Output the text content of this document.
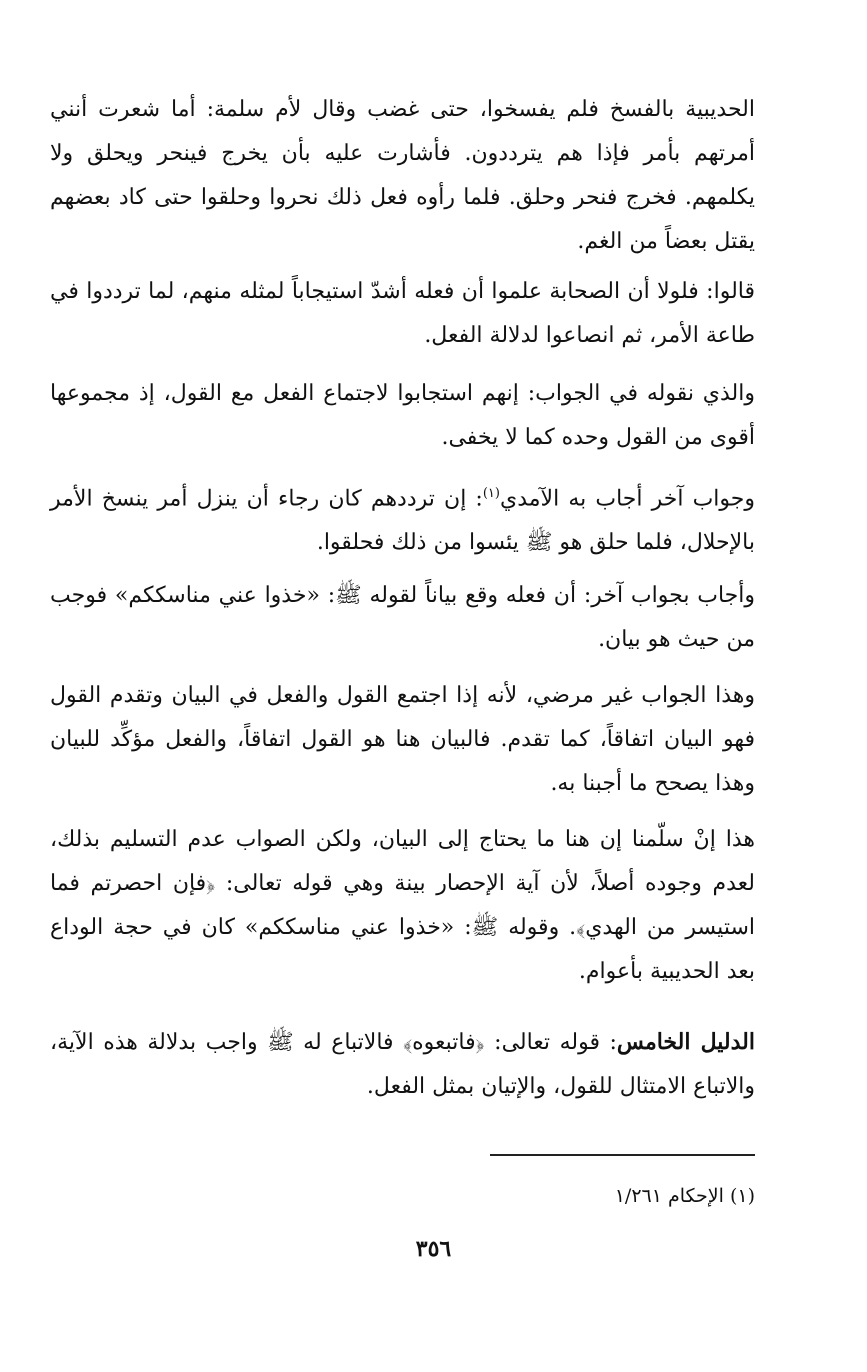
الحديبية بالفسخ فلم يفسخوا، حتى غضب وقال لأم سلمة: أما شعرت أنني أمرتهم بأمر فإذا هم يترددون. فأشارت عليه بأن يخرج فينحر ويحلق ولا يكلمهم. فخرج فنحر وحلق. فلما رأوه فعل ذلك نحروا وحلقوا حتى كاد بعضهم يقتل بعضاً من الغم.

قالوا: فلولا أن الصحابة علموا أن فعله أشدّ استيجاباً لمثله منهم، لما ترددوا في طاعة الأمر، ثم انصاعوا لدلالة الفعل.

والذي نقوله في الجواب: إنهم استجابوا لاجتماع الفعل مع القول، إذ مجموعها أقوى من القول وحده كما لا يخفى.

وجواب آخر أجاب به الآمدي$^{(١)}$: إن ترددهم كان رجاء أن ينزل أمر ينسخ الأمر بالإحلال، فلما حلق هو ﷺ يئسوا من ذلك فحلقوا.

وأجاب بجواب آخر: أن فعله وقع بياناً لقوله ﷺ: «خذوا عني مناسككم» فوجب من حيث هو بيان.

وهذا الجواب غير مرضي، لأنه إذا اجتمع القول والفعل في البيان وتقدم القول فهو البيان اتفاقاً، كما تقدم. فالبيان هنا هو القول اتفاقاً، والفعل مؤكِّد للبيان وهذا يصحح ما أجبنا به.

هذا إنْ سلّمنا إن هنا ما يحتاج إلى البيان، ولكن الصواب عدم التسليم بذلك، لعدم وجوده أصلاً، لأن آية الإحصار بينة وهي قوله تعالى: ﴿فإن احصرتم فما استيسر من الهدي﴾. وقوله ﷺ: «خذوا عني مناسككم» كان في حجة الوداع بعد الحديبية بأعوام.

الدليل الخامس: قوله تعالى: ﴿فاتبعوه﴾ فالاتباع له ﷺ واجب بدلالة هذه الآية، والاتباع الامتثال للقول، والإتيان بمثل الفعل.

(١) الإحكام ١/٢٦١

٣٥٦
